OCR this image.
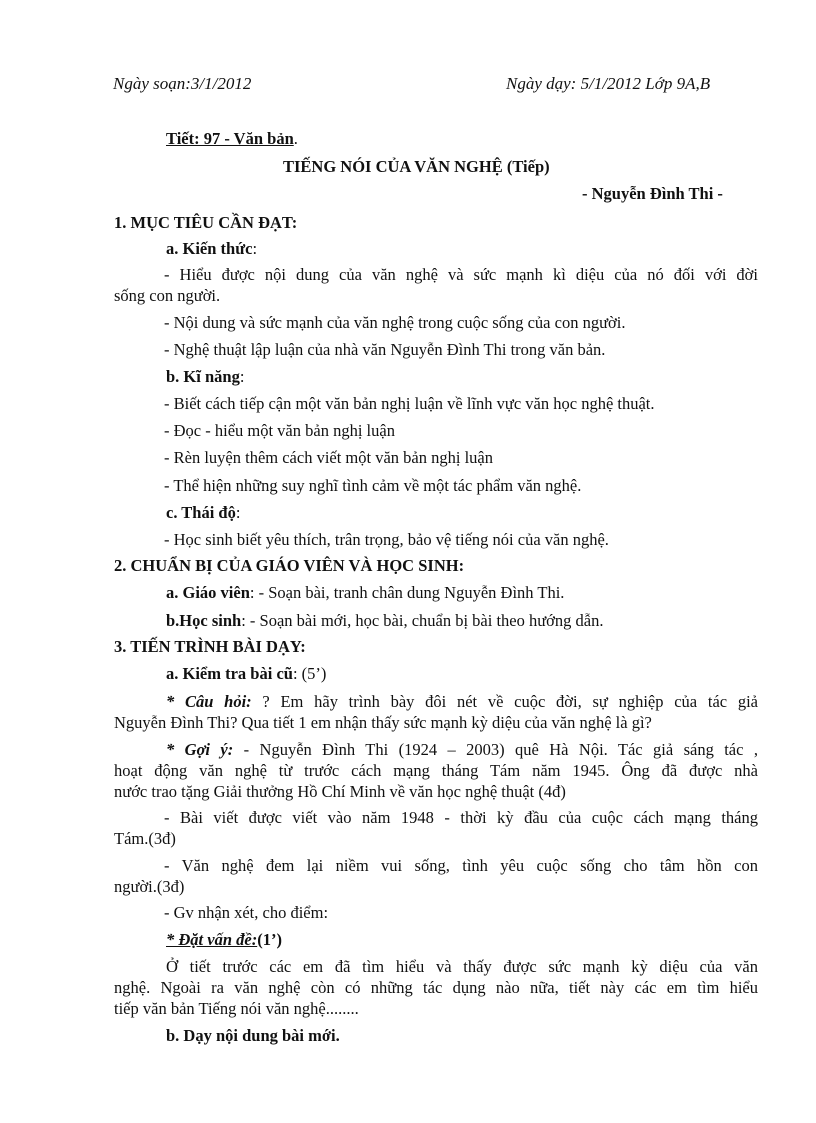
Ngày soạn:3/1/2012	Ngày dạy: 5/1/2012 Lớp 9A,B
Tiết: 97 - Văn bản.
TIẾNG NÓI CỦA VĂN NGHỆ (Tiếp)
- Nguyễn Đình Thi -
1. MỤC TIÊU CẦN ĐẠT:
a. Kiến thức:
- Hiểu được nội dung của văn nghệ và sức mạnh kì diệu của nó đối với đời
sống con người.
- Nội dung và sức mạnh của văn nghệ trong cuộc sống của con người.
- Nghệ thuật lập luận của nhà văn Nguyễn Đình Thi trong văn bản.
b. Kĩ năng:
- Biết cách tiếp cận một văn bản nghị luận về lĩnh vực văn học nghệ thuật.
- Đọc - hiểu một văn bản nghị luận
- Rèn luyện thêm cách viết một văn bản nghị luận
- Thể hiện những suy nghĩ tình cảm về một tác phẩm văn nghệ.
c. Thái độ:
- Học sinh biết yêu thích, trân trọng, bảo vệ tiếng nói của văn nghệ.
2. CHUẨN BỊ CỦA GIÁO VIÊN VÀ HỌC SINH:
a. Giáo viên: - Soạn bài, tranh chân dung Nguyễn Đình Thi.
b.Học sinh: - Soạn bài mới, học bài, chuẩn bị bài theo hướng dẫn.
3. TIẾN TRÌNH BÀI DẠY:
a. Kiểm tra bài cũ: (5’)
* Câu hỏi: ? Em hãy trình bày đôi nét về cuộc đời, sự nghiệp của tác giả
Nguyễn Đình Thi? Qua tiết 1 em nhận thấy sức mạnh kỳ diệu của văn nghệ là gì?
* Gợi ý: - Nguyễn Đình Thi (1924 – 2003) quê Hà Nội. Tác giả sáng tác ,
hoạt động văn nghệ từ trước cách mạng tháng Tám năm 1945. Ông đã được nhà
nước trao tặng Giải thưởng Hồ Chí Minh về văn học nghệ thuật (4đ)
- Bài viết được viết vào năm 1948 - thời kỳ đầu của cuộc cách mạng tháng
Tám.(3đ)
- Văn nghệ đem lại niềm vui sống, tình yêu cuộc sống cho tâm hồn con
người.(3đ)
- Gv nhận xét, cho điểm:
* Đặt vấn đề:(1’)
Ở tiết trước các em đã tìm hiểu và thấy được sức mạnh kỳ diệu của văn
nghệ. Ngoài ra văn nghệ còn có những tác dụng nào nữa, tiết này các em tìm hiểu
tiếp văn bản Tiếng nói văn nghệ........
b. Dạy nội dung bài mới.
